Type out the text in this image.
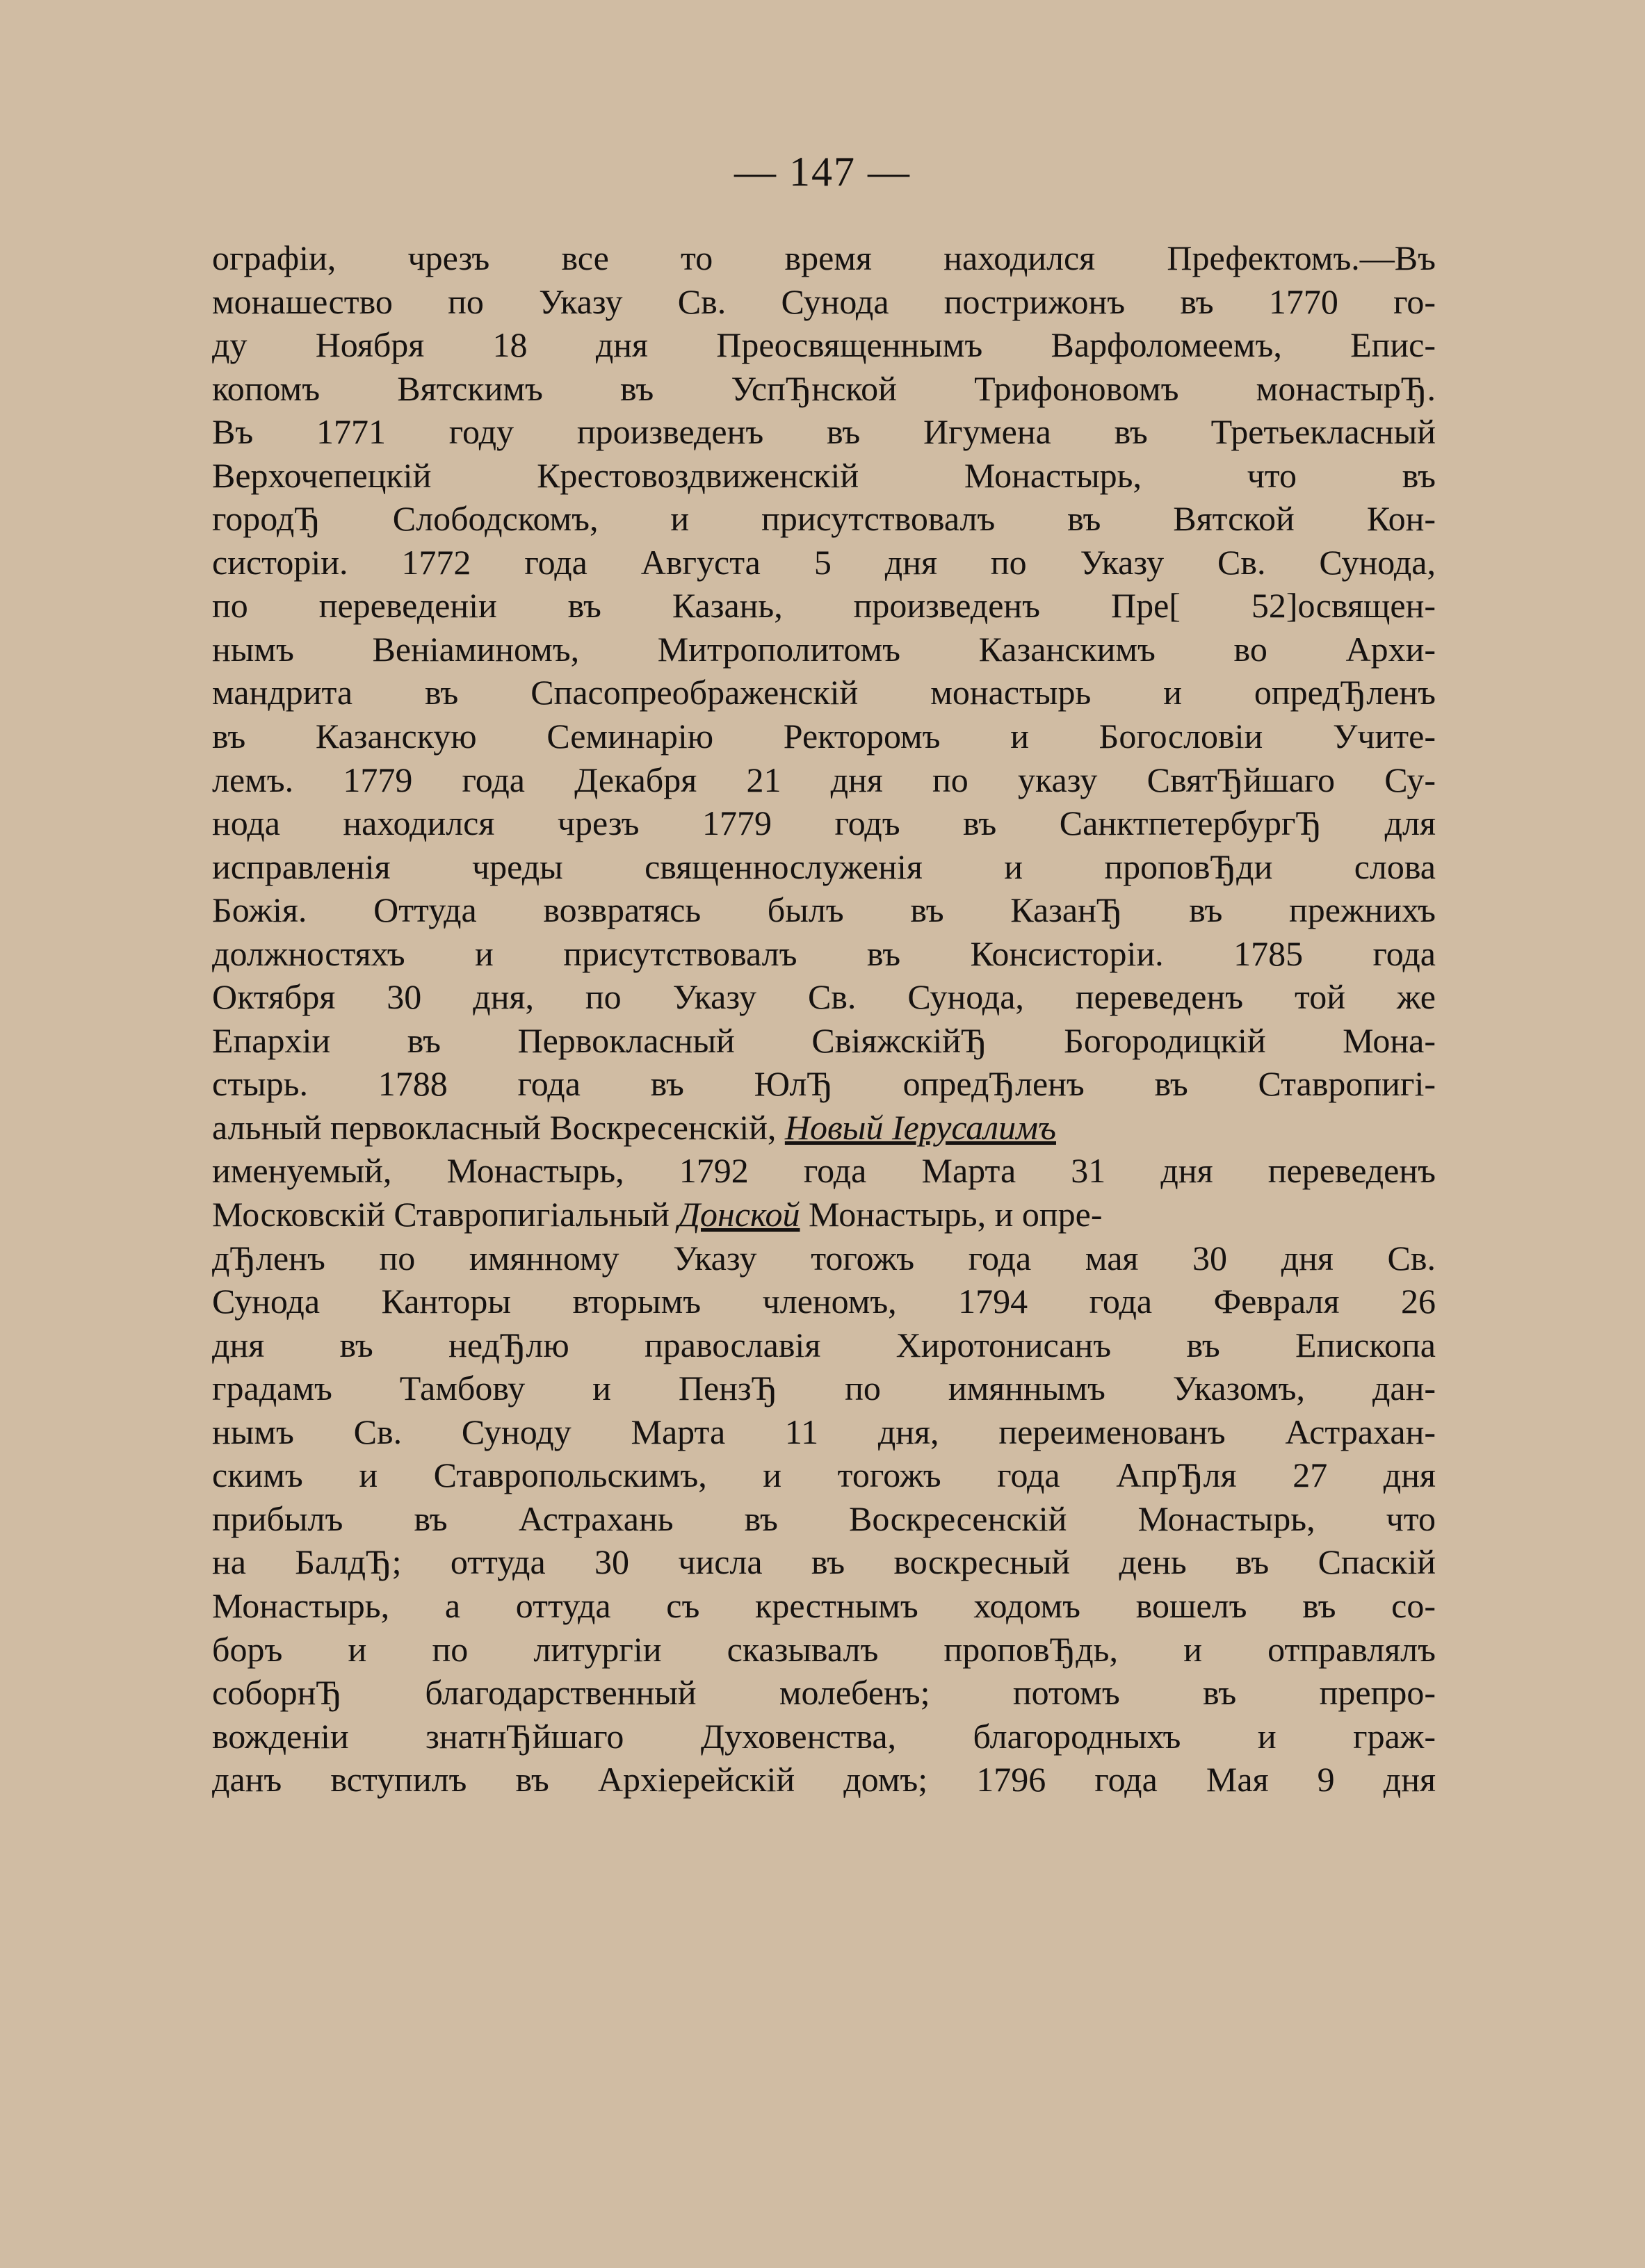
— 147 —
ографіи, чрезъ все то время находился Префектомъ.—Въ
монашество по Указу Св. Сунода пострижонъ въ 1770 го-
ду Ноября 18 дня Преосвященнымъ Варфоломеемъ, Епис-
копомъ Вятскимъ въ УспЂнской Трифоновомъ монастырЂ.
Въ 1771 году произведенъ въ Игумена въ Третьекласный
Верхочепецкій Крестовоздвиженскій Монастырь, что въ
городЂ Слободскомъ, и присутствовалъ въ Вятской Кон-
систоріи. 1772 года Августа 5 дня по Указу Св. Сунода,
по переведеніи въ Казань, произведенъ Пре[ 52]освящен-
нымъ Веніаминомъ, Митрополитомъ Казанскимъ во Архи-
мандрита въ Спасопреображенскій монастырь и опредЂленъ
въ Казанскую Семинарію Ректоромъ и Богословіи Учите-
лемъ. 1779 года Декабря 21 дня по указу СвятЂйшаго Су-
нода находился чрезъ 1779 годъ въ СанктпетербургЂ для
исправленія чреды священнослуженія и проповЂди слова
Божія. Оттуда возвратясь былъ въ КазанЂ въ прежнихъ
должностяхъ и присутствовалъ въ Консисторіи. 1785 года
Октября 30 дня, по Указу Св. Сунода, переведенъ той же
Епархіи въ Первокласный СвіяжскійЂ Богородицкій Мона-
стырь. 1788 года въ ЮлЂ опредЂленъ въ Ставропигі-
альный первокласный Воскресенскій, Новый Іерусалимъ
именуемый, Монастырь, 1792 года Марта 31 дня переведенъ
Московскій Ставропигіальный Донской Монастырь, и опре-
дЂленъ по имянному Указу тогожъ года мая 30 дня Св.
Сунода Канторы вторымъ членомъ, 1794 года Февраля 26
дня въ недЂлю православія Хиротонисанъ въ Епископа
градамъ Тамбову и ПензЂ по имяннымъ Указомъ, дан-
нымъ Св. Суноду Марта 11 дня, переименованъ Астрахан-
скимъ и Ставропольскимъ, и тогожъ года АпрЂля 27 дня
прибылъ въ Астрахань въ Воскресенскій Монастырь, что
на БалдЂ; оттуда 30 числа въ воскресный день въ Спаскій
Монастырь, а оттуда съ крестнымъ ходомъ вошелъ въ со-
боръ и по литургіи сказывалъ проповЂдь, и отправлялъ
соборнЂ благодарственный молебенъ; потомъ въ препро-
вожденіи знатнЂйшаго Духовенства, благородныхъ и граж-
данъ вступилъ въ Архіерейскій домъ; 1796 года Мая 9 дня
